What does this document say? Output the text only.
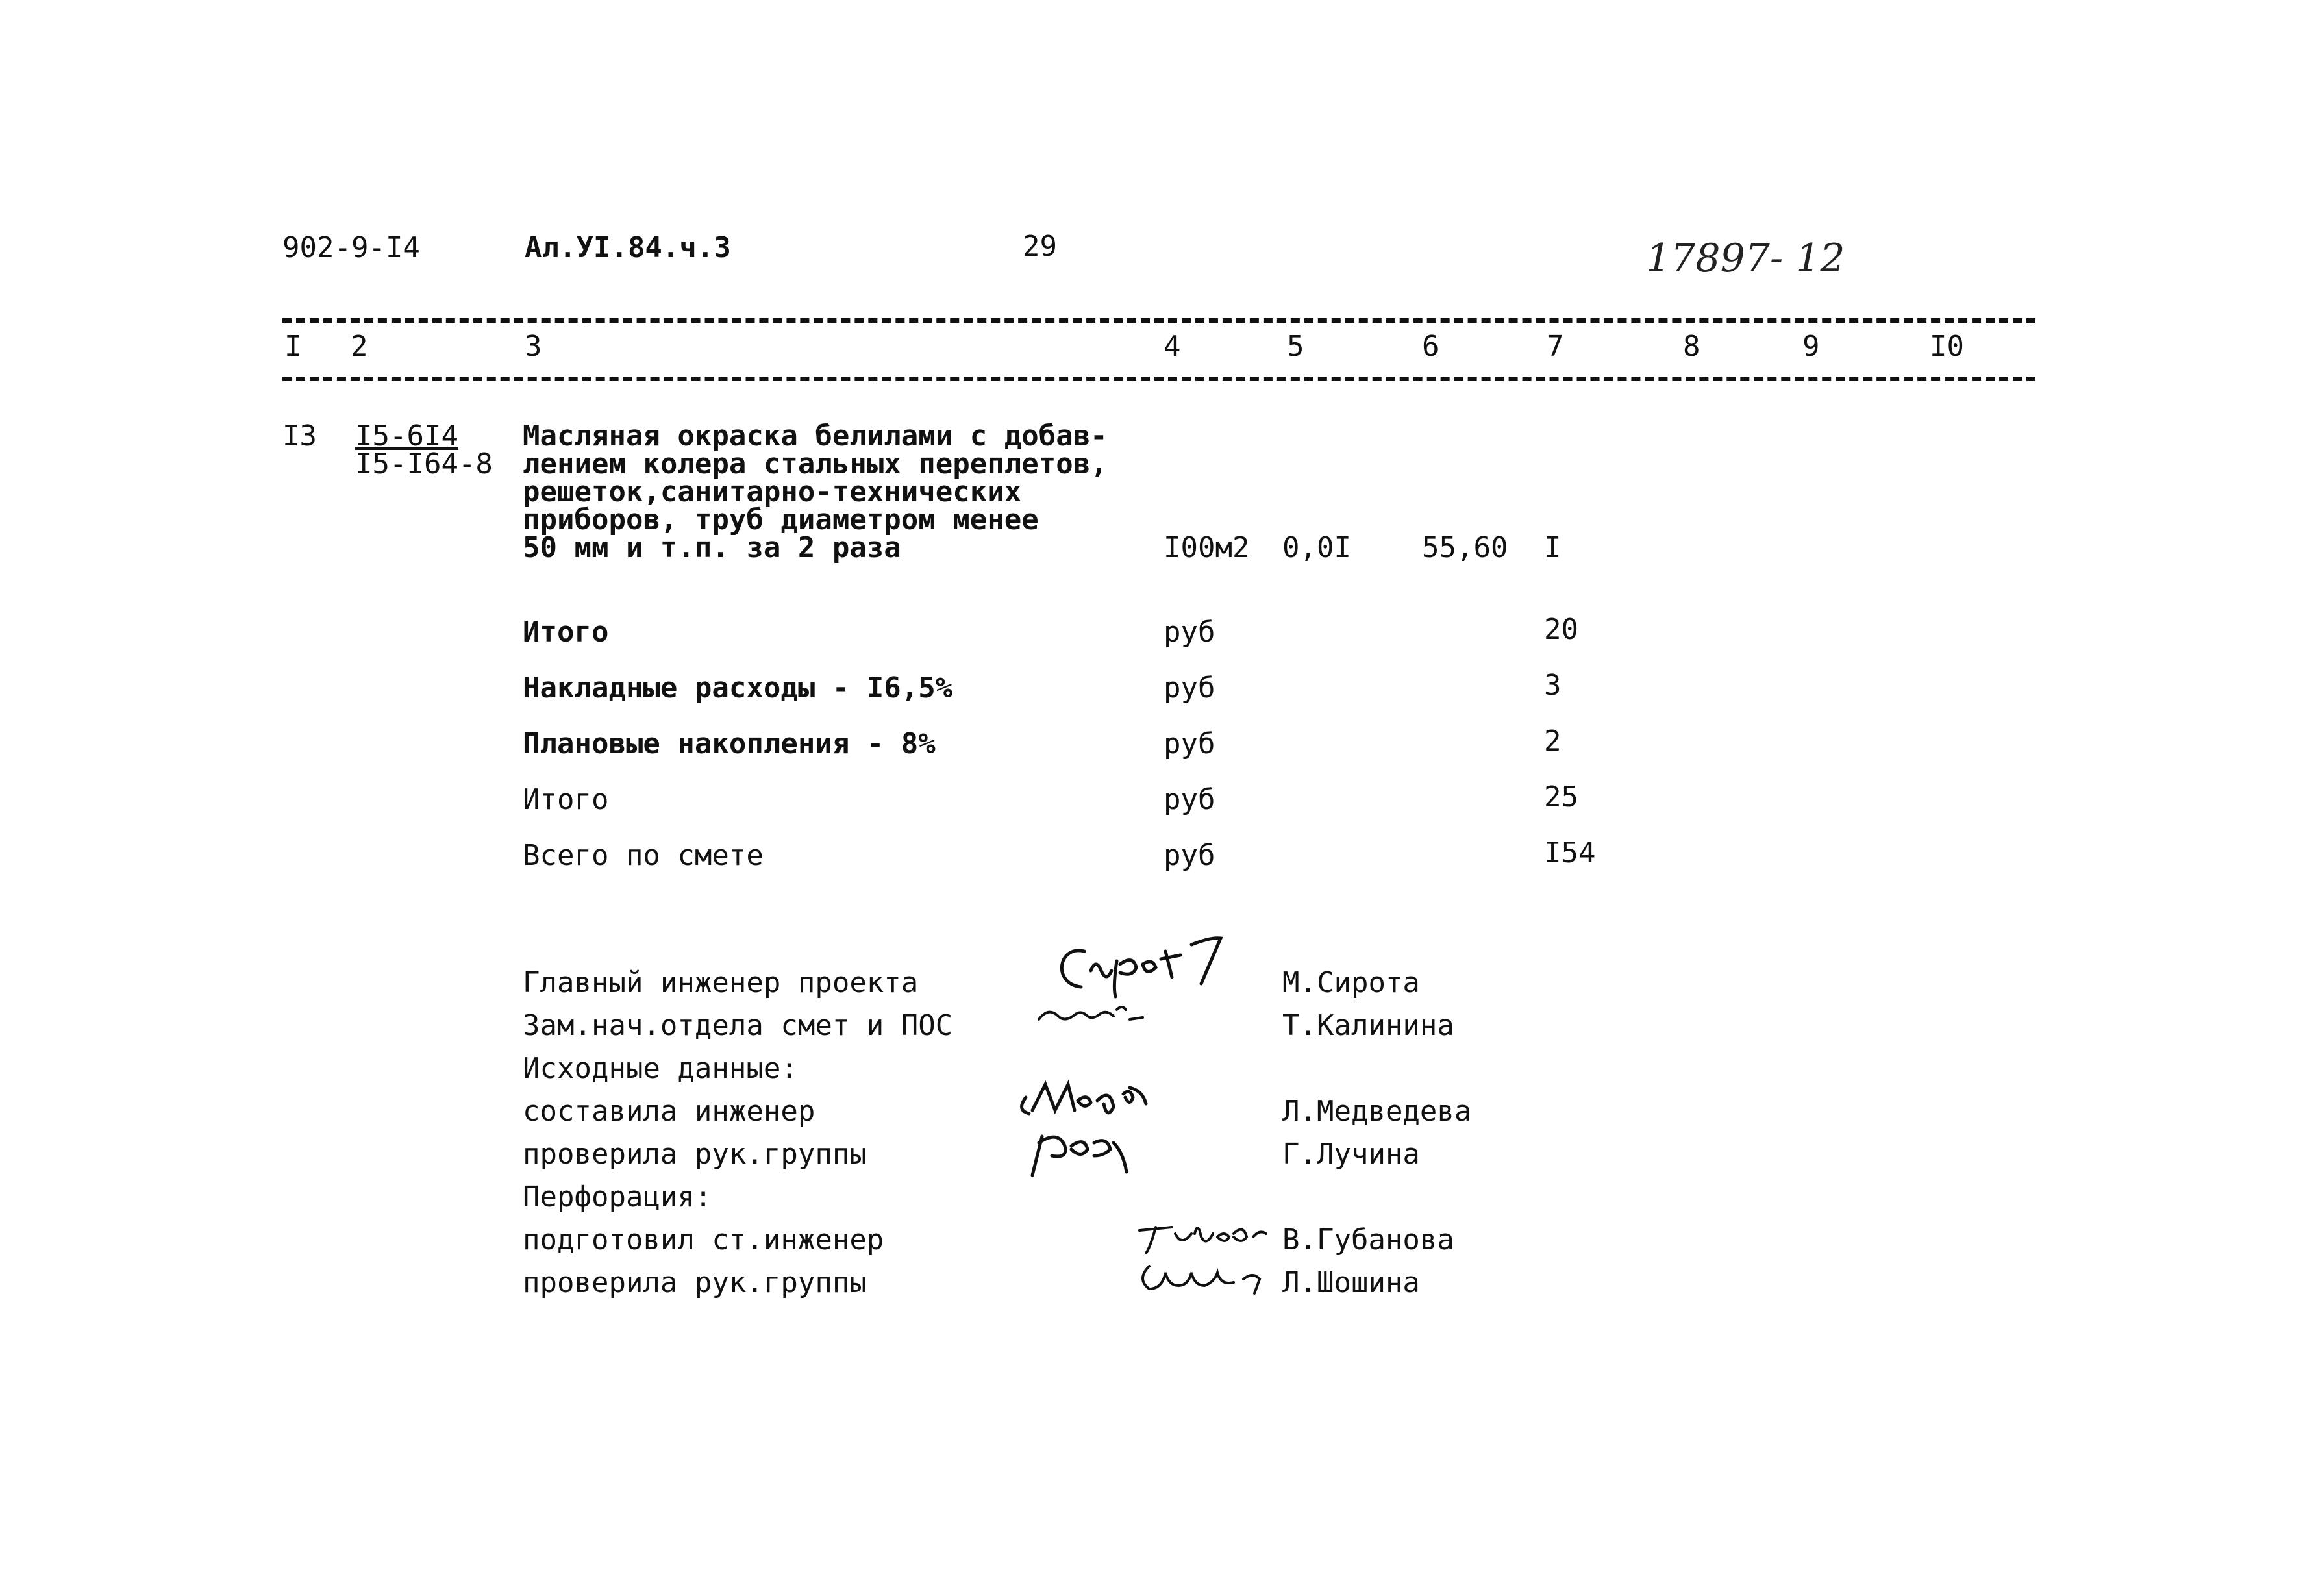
902-9-I4	Ал.УI.84.ч.3	29	17897- 12
I 2	3	4	5	6	7	8	9	I0
I3 I5-6I4
I5-I64-8
Масляная окраска белилами с добав-
лением колера стальных переплетов,
решеток,санитарно-технических
приборов, труб диаметром менее
50 мм и т.п. за 2 раза	I00м2 0,0I 55,60 I
Итого	руб	20
Накладные расходы - I6,5%	руб	3
Плановые накопления - 8%	руб	2
Итого	руб	25
Всего по смете	руб	I54
Главный инженер проекта	М.Сирота
Зам.нач.отдела смет и ПОС	Т.Калинина
Исходные данные:
составила инженер	Л.Медведева
проверила рук.группы	Г.Лучина
Перфорация:
подготовил ст.инженер	В.Губанова
проверила рук.группы	Л.Шошина
